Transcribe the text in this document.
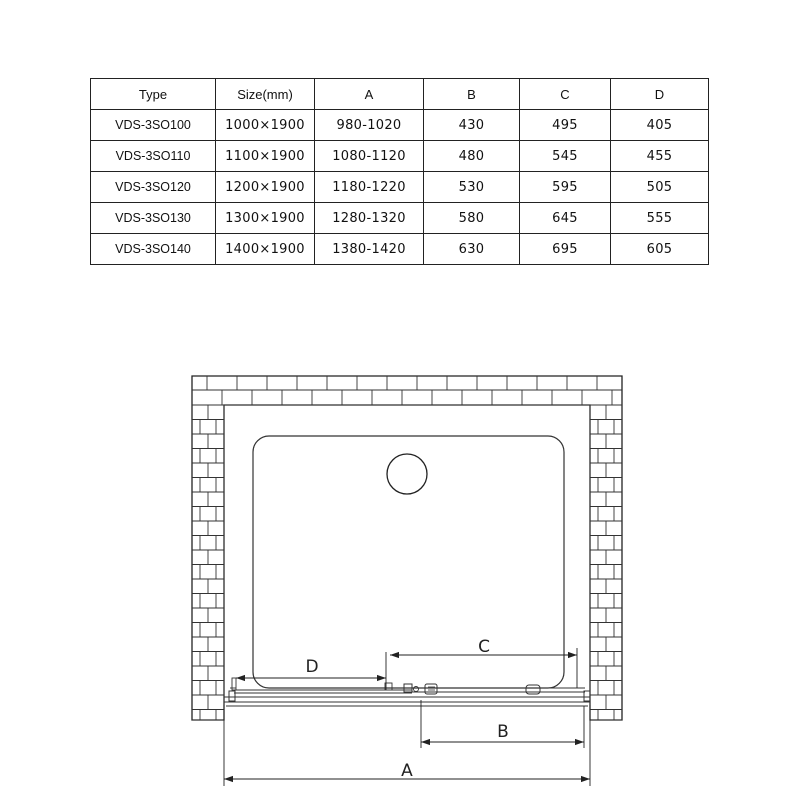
Type	Size(mm)	A	B	C	D
VDS-3SO100	1000×1900	980-1020	430	495	405
VDS-3SO110	1100×1900	1080-1120	480	545	455
VDS-3SO120	1200×1900	1180-1220	530	595	505
VDS-3SO130	1300×1900	1280-1320	580	645	555
VDS-3SO140	1400×1900	1380-1420	630	695	605
D
C
B
A
